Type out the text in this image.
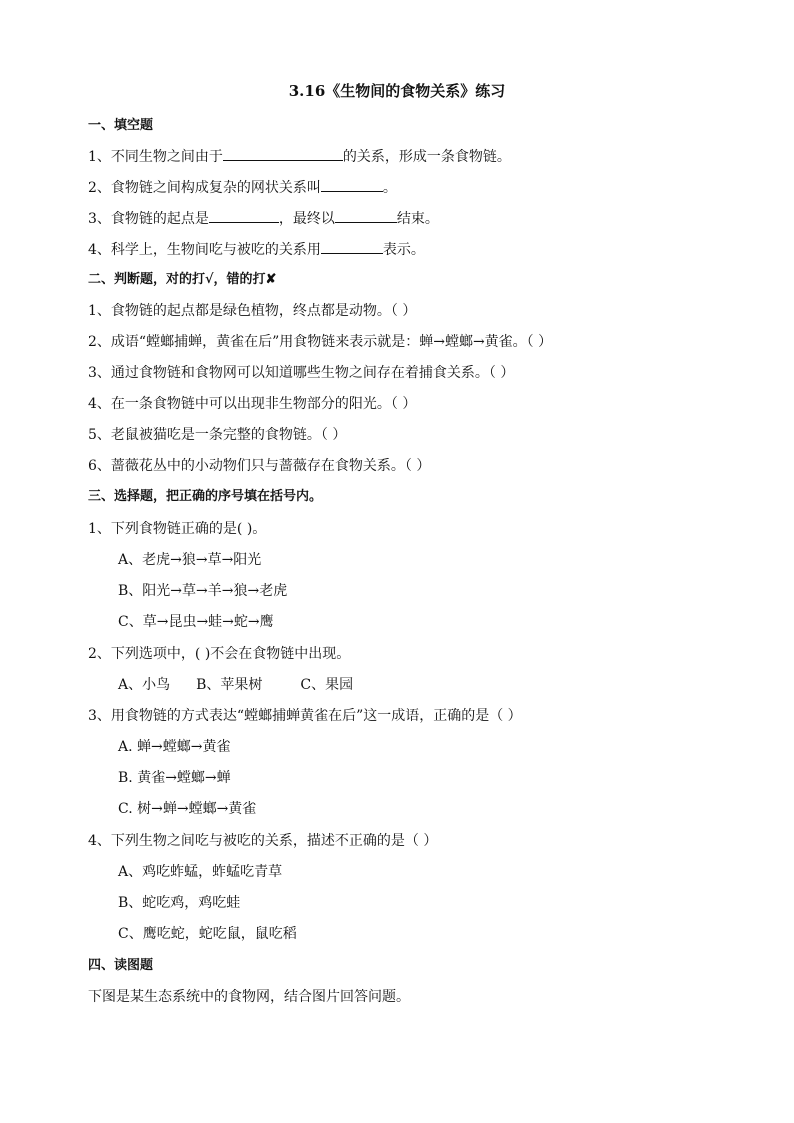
3.16《生物间的食物关系》练习
一、填空题
1、不同生物之间由于	的关系，形成一条食物链。
2、食物链之间构成复杂的网状关系叫	。
3、食物链的起点是	，最终以	结束。
4、科学上，生物间吃与被吃的关系用	表示。
二、判断题，对的打√，错的打✘
1、食物链的起点都是绿色植物，终点都是动物。（ ）
2、成语“螳螂捕蝉，黄雀在后”用食物链来表示就是：蝉→螳螂→黄雀。（ ）
3、通过食物链和食物网可以知道哪些生物之间存在着捕食关系。（ ）
4、在一条食物链中可以出现非生物部分的阳光。（ ）
5、老鼠被猫吃是一条完整的食物链。（ ）
6、蔷薇花丛中的小动物们只与蔷薇存在食物关系。（ ）
三、选择题，把正确的序号填在括号内。
1、下列食物链正确的是( )。
A、老虎→狼→草→阳光
B、阳光→草→羊→狼→老虎
C、草→昆虫→蛙→蛇→鹰
2、下列选项中，( )不会在食物链中出现。
A、小鸟 B、苹果树	C、果园
3、用食物链的方式表达“螳螂捕蝉黄雀在后”这一成语，正确的是（ ）
A. 蝉→螳螂→黄雀
B. 黄雀→螳螂→蝉
C. 树→蝉→螳螂→黄雀
4、下列生物之间吃与被吃的关系，描述不正确的是（ ）
A、鸡吃蚱蜢，蚱蜢吃青草
B、蛇吃鸡，鸡吃蛙
C、鹰吃蛇，蛇吃鼠，鼠吃稻
四、读图题
下图是某生态系统中的食物网，结合图片回答问题。
